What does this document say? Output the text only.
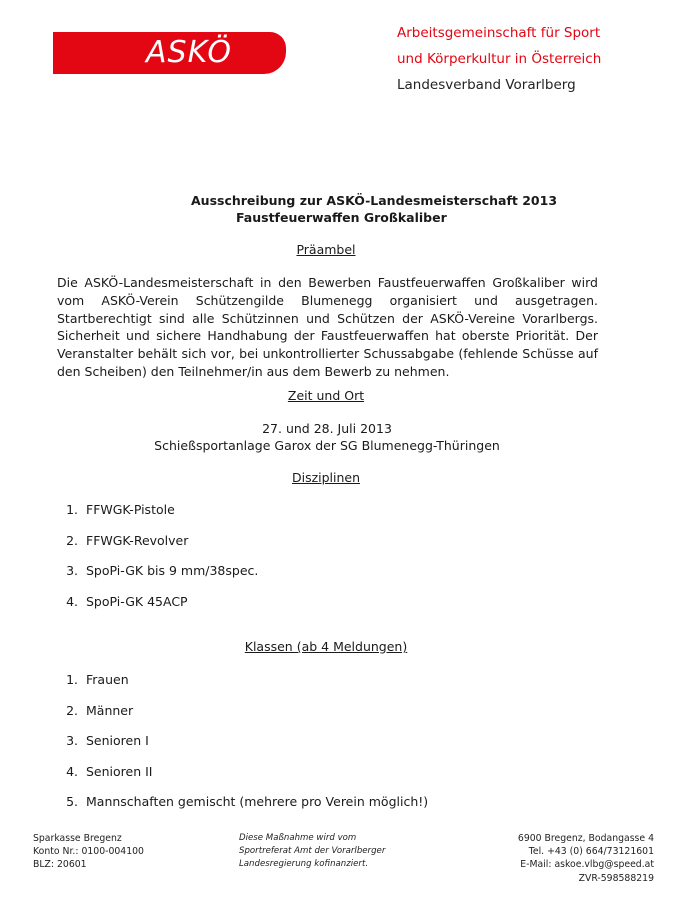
ASKÖ
Arbeitsgemeinschaft für Sport
und Körperkultur in Österreich
Landesverband Vorarlberg
Ausschreibung zur ASKÖ-Landesmeisterschaft 2013
Faustfeuerwaffen Großkaliber
Präambel
Die ASKÖ-Landesmeisterschaft in den Bewerben Faustfeuerwaffen Großkaliber wird vom ASKÖ-Verein Schützengilde Blumenegg organisiert und ausgetragen. Startberechtigt sind alle Schützinnen und Schützen der ASKÖ-Vereine Vorarlbergs. Sicherheit und sichere Handhabung der Faustfeuerwaffen hat oberste Priorität. Der Veranstalter behält sich vor, bei unkontrollierter Schussabgabe (fehlende Schüsse auf den Scheiben) den Teilnehmer/in aus dem Bewerb zu nehmen.
Zeit und Ort
27. und 28. Juli 2013
Schießsportanlage Garox der SG Blumenegg-Thüringen
Disziplinen
1. FFWGK-Pistole
2. FFWGK-Revolver
3. SpoPi-GK bis 9 mm/38spec.
4. SpoPi-GK 45ACP
Klassen (ab 4 Meldungen)
1. Frauen
2. Männer
3. Senioren I
4. Senioren II
5. Mannschaften gemischt (mehrere pro Verein möglich!)
Sparkasse Bregenz
Konto Nr.: 0100-004100
BLZ: 20601
Diese Maßnahme wird vom
Sportreferat Amt der Vorarlberger
Landesregierung kofinanziert.
6900 Bregenz, Bodangasse 4
Tel. +43 (0) 664/73121601
E-Mail: askoe.vlbg@speed.at
ZVR-598588219
